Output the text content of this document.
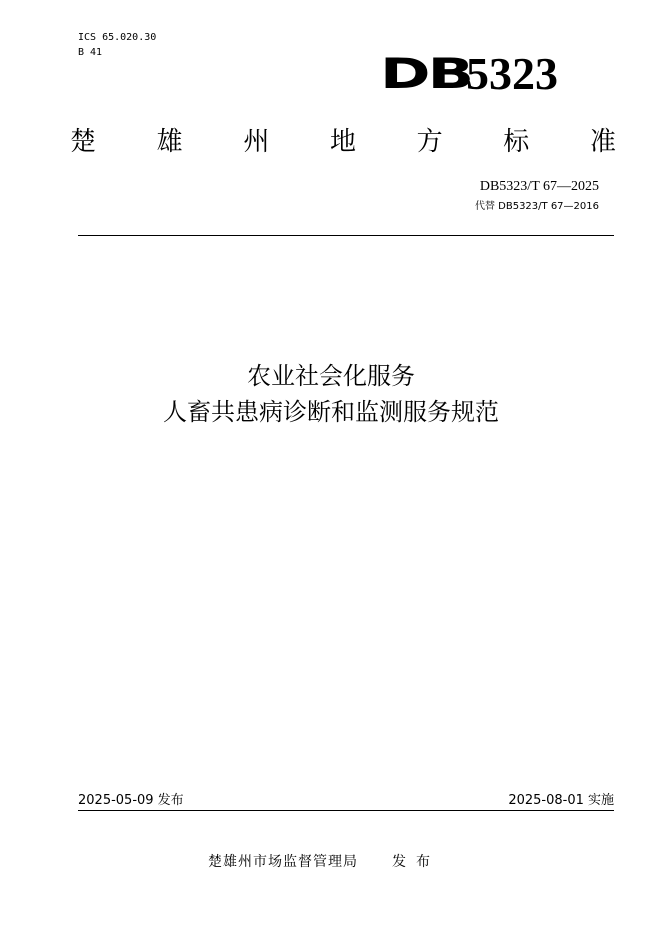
ICS 65.020.30
B 41	DB
5323
楚 雄 州 地 方 标 准
DB5323/T 67—2025
代替 DB5323/T 67—2016
农业社会化服务
人畜共患病诊断和监测服务规范
2025-05-09 发布	2025-08-01 实施
楚雄州市场监督管理局 发布
